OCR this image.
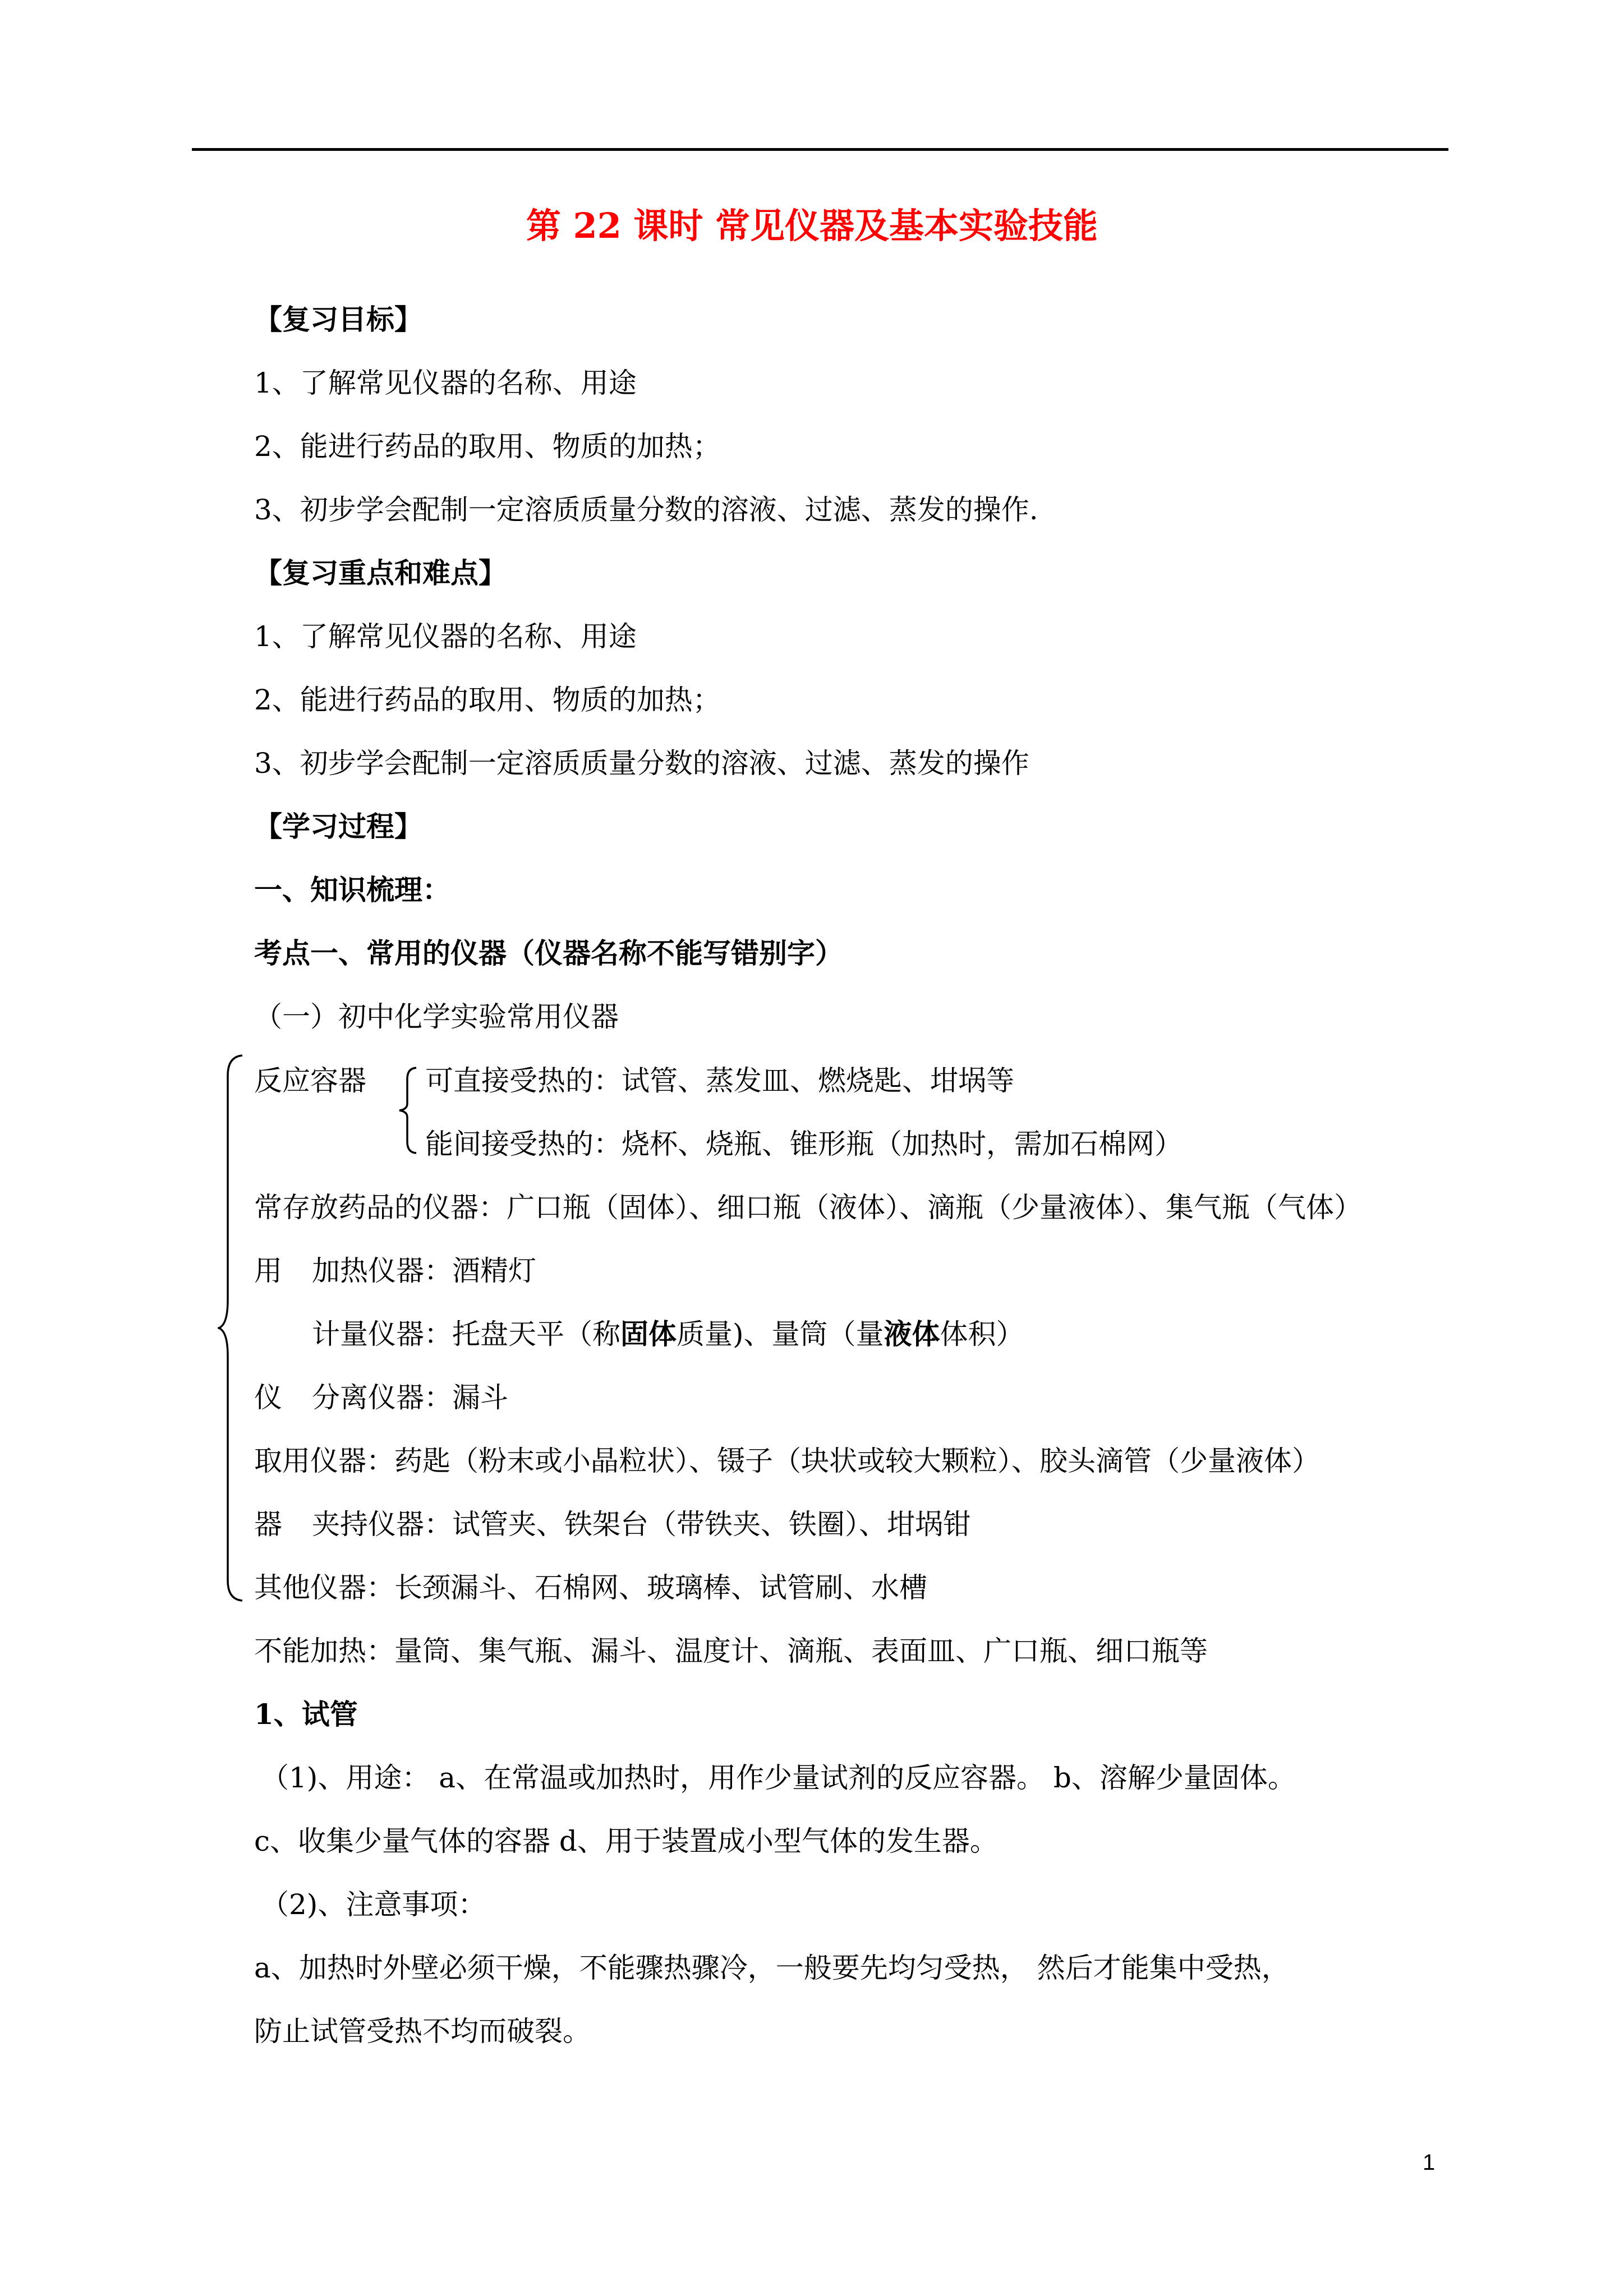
第 22 课时 常见仪器及基本实验技能
【复习目标】
1、了解常见仪器的名称、用途
2、能进行药品的取用、物质的加热；
3、初步学会配制一定溶质质量分数的溶液、过滤、蒸发的操作.
【复习重点和难点】
1、了解常见仪器的名称、用途
2、能进行药品的取用、物质的加热；
3、初步学会配制一定溶质质量分数的溶液、过滤、蒸发的操作
【学习过程】
一、知识梳理：
考点一、常用的仪器（仪器名称不能写错别字）
（一）初中化学实验常用仪器
反应容器 可直接受热的：试管、蒸发皿、燃烧匙、坩埚等
能间接受热的：烧杯、烧瓶、锥形瓶（加热时，需加石棉网）
常存放药品的仪器：广口瓶（固体）、细口瓶（液体）、滴瓶（少量液体）、集气瓶（气体）
用 加热仪器：酒精灯
计量仪器：托盘天平（称固体质量)、量筒（量液体体积）
仪 分离仪器：漏斗
取用仪器：药匙（粉末或小晶粒状）、镊子（块状或较大颗粒）、胶头滴管（少量液体）
器 夹持仪器：试管夹、铁架台（带铁夹、铁圈）、坩埚钳
其他仪器：长颈漏斗、石棉网、玻璃棒、试管刷、水槽
不能加热：量筒、集气瓶、漏斗、温度计、滴瓶、表面皿、广口瓶、细口瓶等
1、试管
（1)、用途： a、在常温或加热时，用作少量试剂的反应容器。 b、溶解少量固体。
c、收集少量气体的容器 d、用于装置成小型气体的发生器。
（2)、注意事项：
a、加热时外壁必须干燥，不能骤热骤冷，一般要先均匀受热， 然后才能集中受热，
防止试管受热不均而破裂。
1
